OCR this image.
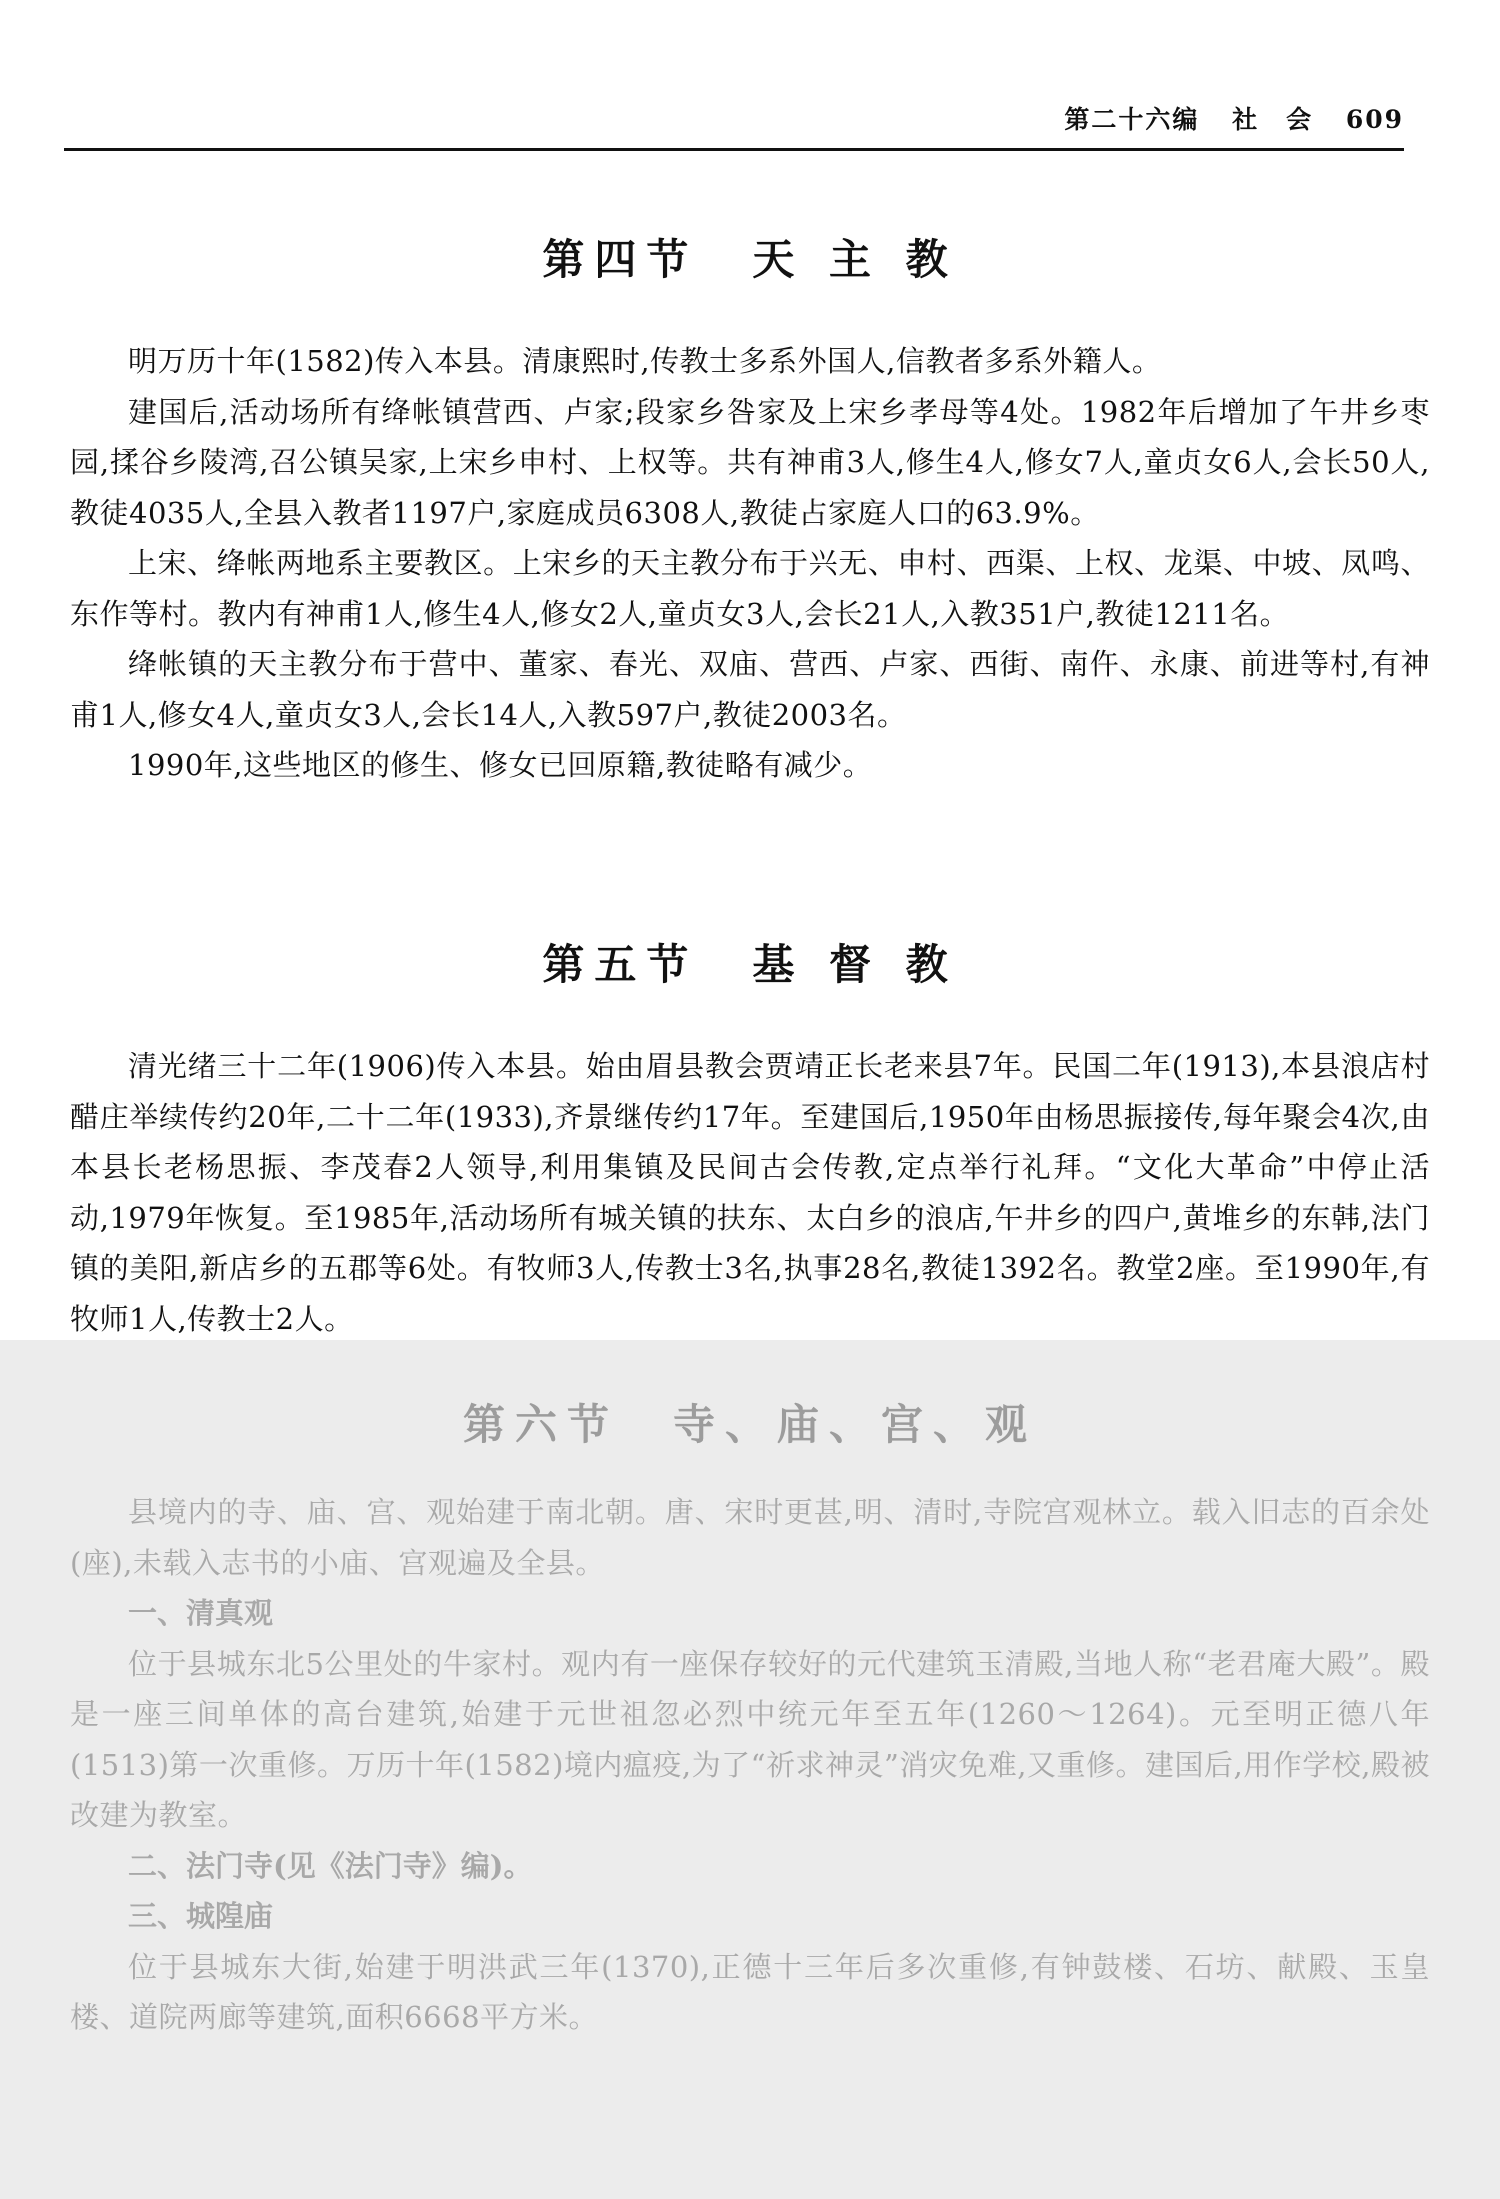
第二十六编 社　会 609
第四节 天 主 教

明万历十年(1582)传入本县。清康熙时,传教士多系外国人,信教者多系外籍人。

建国后,活动场所有绛帐镇营西、卢家;段家乡咎家及上宋乡孝母等4处。1982年后增加了午井乡枣园,揉谷乡陵湾,召公镇吴家,上宋乡申村、上权等。共有神甫3人,修生4人,修女7人,童贞女6人,会长50人,教徒4035人,全县入教者1197户,家庭成员6308人,教徒占家庭人口的63.9%。

上宋、绛帐两地系主要教区。上宋乡的天主教分布于兴无、申村、西渠、上权、龙渠、中坡、凤鸣、东作等村。教内有神甫1人,修生4人,修女2人,童贞女3人,会长21人,入教351户,教徒1211名。

绛帐镇的天主教分布于营中、董家、春光、双庙、营西、卢家、西街、南仵、永康、前进等村,有神甫1人,修女4人,童贞女3人,会长14人,入教597户,教徒2003名。

1990年,这些地区的修生、修女已回原籍,教徒略有减少。

第五节 基 督 教

清光绪三十二年(1906)传入本县。始由眉县教会贾靖正长老来县7年。民国二年(1913),本县浪店村醋庄举续传约20年,二十二年(1933),齐景继传约17年。至建国后,1950年由杨思振接传,每年聚会4次,由本县长老杨思振、李茂春2人领导,利用集镇及民间古会传教,定点举行礼拜。“文化大革命”中停止活动,1979年恢复。至1985年,活动场所有城关镇的扶东、太白乡的浪店,午井乡的四户,黄堆乡的东韩,法门镇的美阳,新店乡的五郡等6处。有牧师3人,传教士3名,执事28名,教徒1392名。教堂2座。至1990年,有牧师1人,传教士2人。

第六节 寺、庙、宫、观

县境内的寺、庙、宫、观始建于南北朝。唐、宋时更甚,明、清时,寺院宫观林立。载入旧志的百余处(座),未载入志书的小庙、宫观遍及全县。

一、清真观

位于县城东北5公里处的牛家村。观内有一座保存较好的元代建筑玉清殿,当地人称“老君庵大殿”。殿是一座三间单体的高台建筑,始建于元世祖忽必烈中统元年至五年(1260～1264)。元至明正德八年(1513)第一次重修。万历十年(1582)境内瘟疫,为了“祈求神灵”消灾免难,又重修。建国后,用作学校,殿被改建为教室。

二、法门寺(见《法门寺》编)。

三、城隍庙

位于县城东大街,始建于明洪武三年(1370),正德十三年后多次重修,有钟鼓楼、石坊、献殿、玉皇楼、道院两廊等建筑,面积6668平方米。
